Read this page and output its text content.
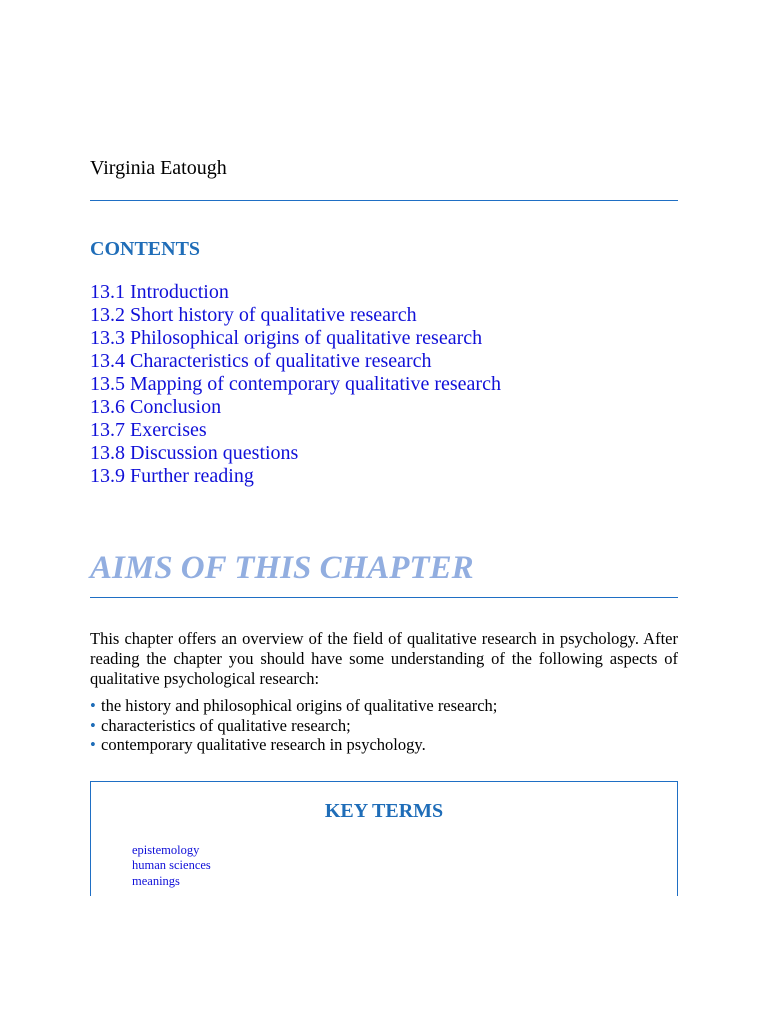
Virginia Eatough
CONTENTS
13.1 Introduction
13.2 Short history of qualitative research
13.3 Philosophical origins of qualitative research
13.4 Characteristics of qualitative research
13.5 Mapping of contemporary qualitative research
13.6 Conclusion
13.7 Exercises
13.8 Discussion questions
13.9 Further reading
AIMS OF THIS CHAPTER

This chapter offers an overview of the field of qualitative research in psychology. After reading the chapter you should have some understanding of the following aspects of qualitative psychological research:

• the history and philosophical origins of qualitative research;
• characteristics of qualitative research;
• contemporary qualitative research in psychology.
KEY TERMS
epistemology
human sciences
meanings
